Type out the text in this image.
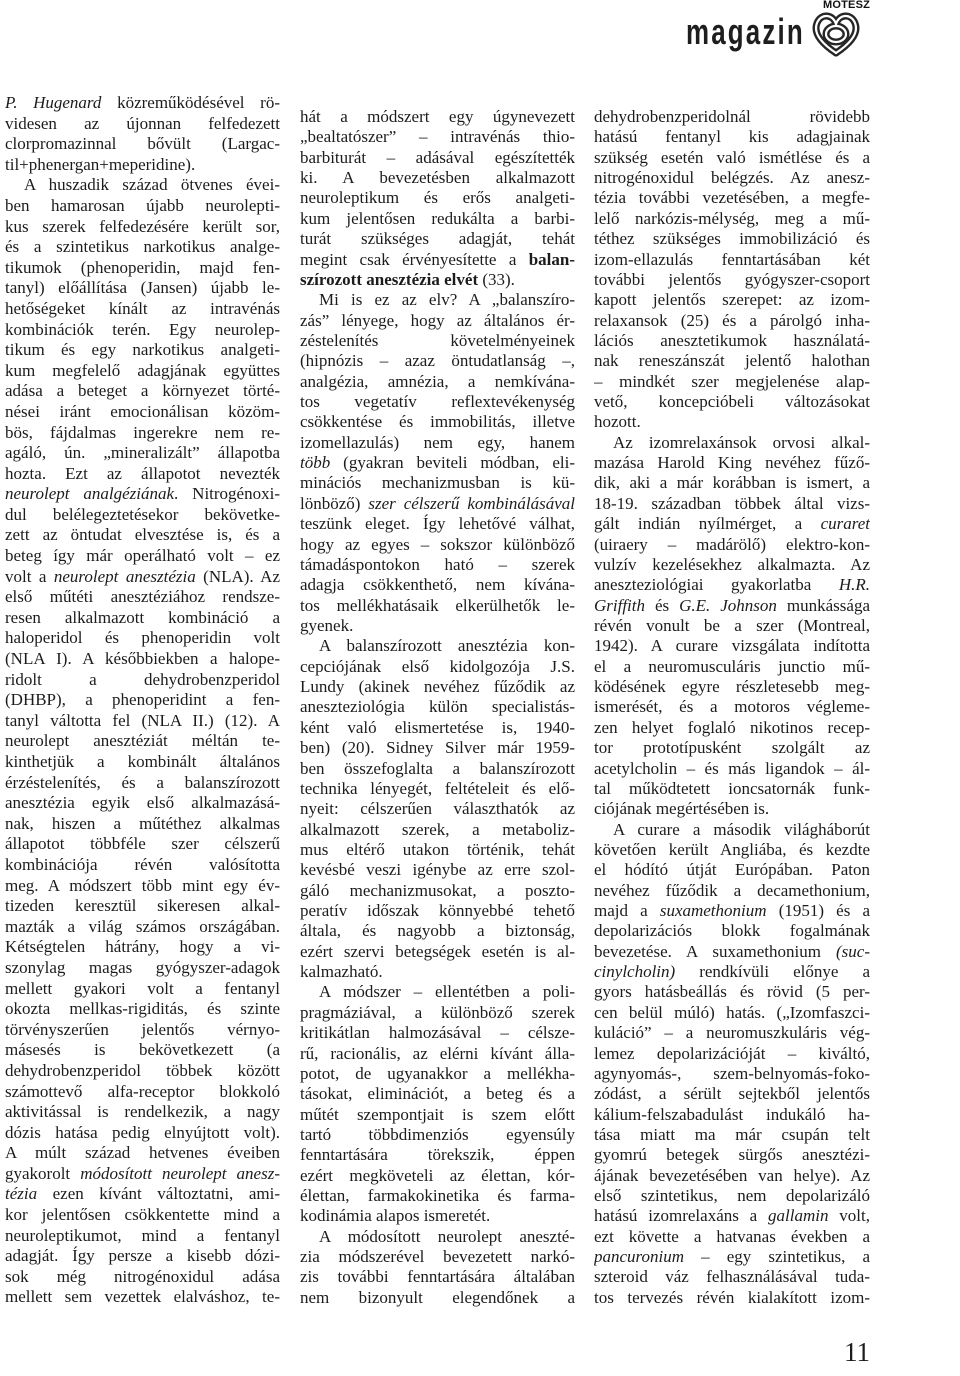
MOTESZ
magazin
P. Hugenard közreműködésével rö-
videsen az újonnan felfedezett
clorpromazinnal bővült (Largac-
til+phenergan+meperidine).
A huszadik század ötvenes évei-
ben hamarosan újabb neurolepti-
kus szerek felfedezésére került sor,
és a szintetikus narkotikus analge-
tikumok (phenoperidin, majd fen-
tanyl) előállítása (Jansen) újabb le-
hetőségeket kínált az intravénás
kombinációk terén. Egy neurolep-
tikum és egy narkotikus analgeti-
kum megfelelő adagjának együttes
adása a beteget a környezet törté-
nései iránt emocionálisan közöm-
bös, fájdalmas ingerekre nem re-
agáló, ún. „mineralizált” állapotba
hozta. Ezt az állapotot nevezték
neurolept analgéziának. Nitrogénoxi-
dul belélegeztetésekor bekövetke-
zett az öntudat elvesztése is, és a
beteg így már operálható volt – ez
volt a neurolept anesztézia (NLA). Az
első műtéti anesztéziához rendsze-
resen alkalmazott kombináció a
haloperidol és phenoperidin volt
(NLA I). A későbbiekben a halope-
ridolt a dehydrobenzperidol
(DHBP), a phenoperidint a fen-
tanyl váltotta fel (NLA II.) (12). A
neurolept anesztéziát méltán te-
kinthetjük a kombinált általános
érzéstelenítés, és a balanszírozott
anesztézia egyik első alkalmazásá-
nak, hiszen a műtéthez alkalmas
állapotot többféle szer célszerű
kombinációja révén valósította
meg. A módszert több mint egy év-
tizeden keresztül sikeresen alkal-
mazták a világ számos országában.
Kétségtelen hátrány, hogy a vi-
szonylag magas gyógyszer-adagok
mellett gyakori volt a fentanyl
okozta mellkas-rigiditás, és szinte
törvényszerűen jelentős vérnyo-
másesés is bekövetkezett (a
dehydrobenzperidol többek között
számottevő alfa-receptor blokkoló
aktivitással is rendelkezik, a nagy
dózis hatása pedig elnyújtott volt).
A múlt század hetvenes éveiben
gyakorolt módosított neurolept anesz-
tézia ezen kívánt változtatni, ami-
kor jelentősen csökkentette mind a
neuroleptikumot, mind a fentanyl
adagját. Így persze a kisebb dózi-
sok még nitrogénoxidul adása
mellett sem vezettek elalváshoz, te-
hát a módszert egy úgynevezett
„bealtatószer” – intravénás thio-
barbiturát – adásával egészítették
ki. A bevezetésben alkalmazott
neuroleptikum és erős analgeti-
kum jelentősen redukálta a barbi-
turát szükséges adagját, tehát
megint csak érvényesítette a balan-
szírozott anesztézia elvét (33).
Mi is ez az elv? A „balanszíro-
zás” lényege, hogy az általános ér-
zéstelenítés követelményeinek
(hipnózis – azaz öntudatlanság –,
analgézia, amnézia, a nemkívána-
tos vegetatív reflextevékenység
csökkentése és immobilitás, illetve
izomellazulás) nem egy, hanem
több (gyakran beviteli módban, eli-
minációs mechanizmusban is kü-
lönböző) szer célszerű kombinálásával
teszünk eleget. Így lehetővé válhat,
hogy az egyes – sokszor különböző
támadáspontokon ható – szerek
adagja csökkenthető, nem kívána-
tos mellékhatásaik elkerülhetők le-
gyenek.
A balanszírozott anesztézia kon-
cepciójának első kidolgozója J.S.
Lundy (akinek nevéhez fűződik az
aneszteziológia külön specialistás-
ként való elismertetése is, 1940-
ben) (20). Sidney Silver már 1959-
ben összefoglalta a balanszírozott
technika lényegét, feltételeit és elő-
nyeit: célszerűen választhatók az
alkalmazott szerek, a metaboliz-
mus eltérő utakon történik, tehát
kevésbé veszi igénybe az erre szol-
gáló mechanizmusokat, a poszto-
peratív időszak könnyebbé tehető
általa, és nagyobb a biztonság,
ezért szervi betegségek esetén is al-
kalmazható.
A módszer – ellentétben a poli-
pragmáziával, a különböző szerek
kritikátlan halmozásával – célsze-
rű, racionális, az elérni kívánt álla-
potot, de ugyanakkor a mellékha-
tásokat, eliminációt, a beteg és a
műtét szempontjait is szem előtt
tartó többdimenziós egyensúly
fenntartására törekszik, éppen
ezért megköveteli az élettan, kór-
élettan, farmakokinetika és farma-
kodinámia alapos ismeretét.
A módosított neurolept aneszté-
zia módszerével bevezetett narkó-
zis további fenntartására általában
nem bizonyult elegendőnek a
dehydrobenzperidolnál rövidebb
hatású fentanyl kis adagjainak
szükség esetén való ismétlése és a
nitrogénoxidul belégzés. Az anesz-
tézia további vezetésében, a megfe-
lelő narkózis-mélység, meg a mű-
téthez szükséges immobilizáció és
izom-ellazulás fenntartásában két
további jelentős gyógyszer-csoport
kapott jelentős szerepet: az izom-
relaxansok (25) és a párolgó inha-
lációs anesztetikumok használatá-
nak reneszánszát jelentő halothan
– mindkét szer megjelenése alap-
vető, koncepcióbeli változásokat
hozott.
Az izomrelaxánsok orvosi alkal-
mazása Harold King nevéhez fűző-
dik, aki a már korábban is ismert, a
18-19. században többek által vizs-
gált indián nyílmérget, a curaret
(uiraery – madárölő) elektro-kon-
vulzív kezelésekhez alkalmazta. Az
aneszteziológiai gyakorlatba H.R.
Griffith és G.E. Johnson munkássága
révén vonult be a szer (Montreal,
1942). A curare vizsgálata indította
el a neuromusculáris junctio mű-
ködésének egyre részletesebb meg-
ismerését, és a motoros végleme-
zen helyet foglaló nikotinos recep-
tor prototípusként szolgált az
acetylcholin – és más ligandok – ál-
tal működtetett ioncsatornák funk-
ciójának megértésében is.
A curare a második világháborút
követően került Angliába, és kezdte
el hódító útját Európában. Paton
nevéhez fűződik a decamethonium,
majd a suxamethonium (1951) és a
depolarizációs blokk fogalmának
bevezetése. A suxamethonium (suc-
cinylcholin) rendkívüli előnye a
gyors hatásbeállás és rövid (5 per-
cen belül múló) hatás. („Izomfaszci-
kuláció” – a neuromuszkuláris vég-
lemez depolarizációját – kiváltó,
agynyomás-, szem-belnyomás-foko-
zódást, a sérült sejtekből jelentős
kálium-felszabadulást indukáló ha-
tása miatt ma már csupán telt
gyomrú betegek sürgős anesztézi-
ájának bevezetésében van helye). Az
első szintetikus, nem depolarizáló
hatású izomrelaxáns a gallamin volt,
ezt követte a hatvanas években a
pancuronium – egy szintetikus, a
szteroid váz felhasználásával tuda-
tos tervezés révén kialakított izom-
11
